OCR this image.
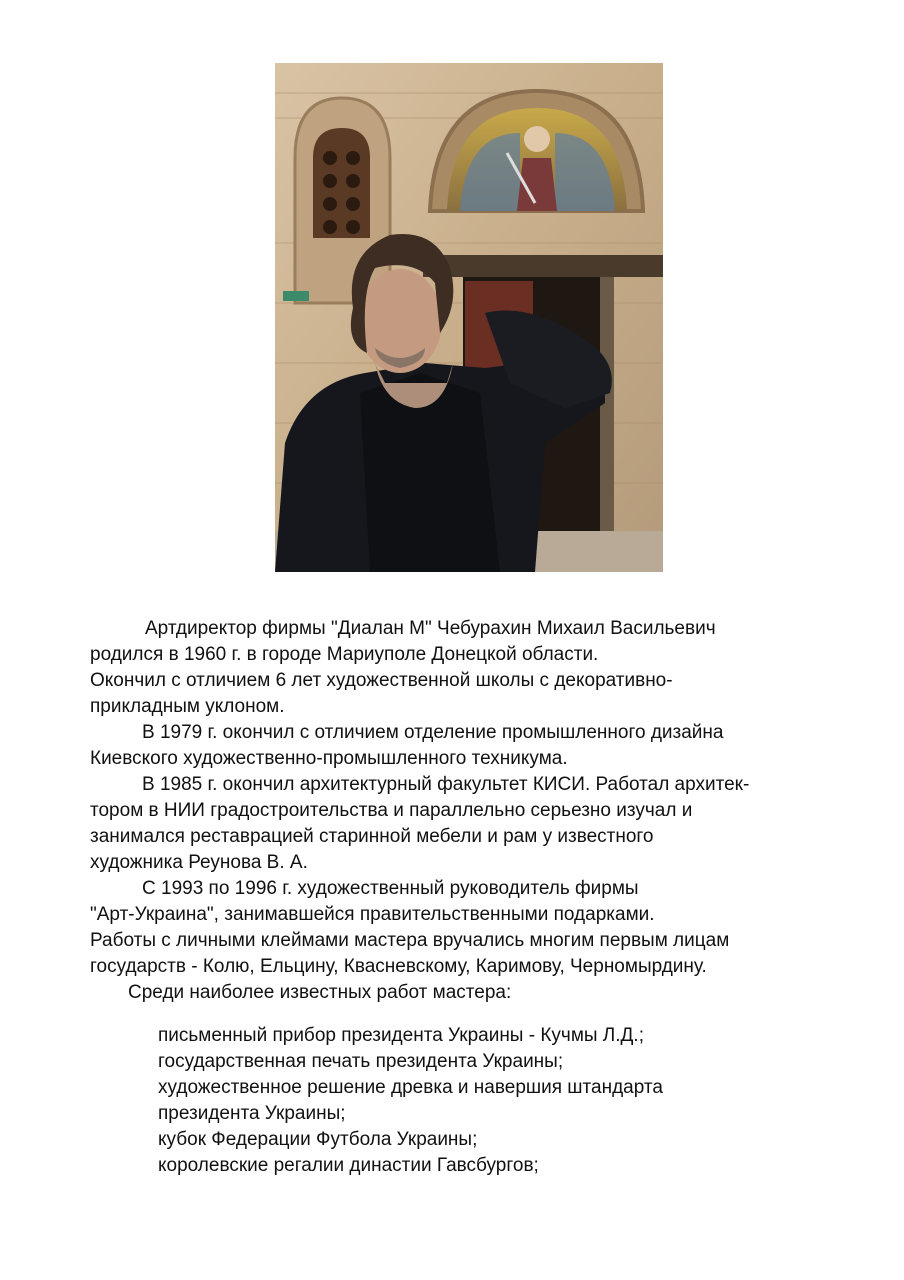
Артдиректор фирмы "Диалан М" Чебурахин Михаил Васильевич

родился в 1960 г. в городе Мариуполе Донецкой области.

Окончил с отличием 6 лет художественной школы с декоративно-

прикладным уклоном.

В 1979 г. окончил с отличием отделение промышленного дизайна

Киевского художественно-промышленного техникума.

В 1985 г. окончил архитектурный факультет КИСИ. Работал архитек-

тором в НИИ градостроительства и параллельно серьезно изучал и

занимался реставрацией старинной мебели и рам у известного

художника Реунова В. А.

С 1993 по 1996 г. художественный руководитель фирмы

"Арт-Украина", занимавшейся правительственными подарками.

Работы с личными клеймами мастера вручались многим первым лицам

государств - Колю, Ельцину, Квасневскому, Каримову, Черномырдину.

Среди наиболее известных работ мастера:

письменный прибор президента Украины - Кучмы Л.Д.;
государственная печать президента Украины;
художественное решение древка и навершия штандарта
президента Украины;
кубок Федерации Футбола Украины;
королевские регалии династии Гавсбургов;
